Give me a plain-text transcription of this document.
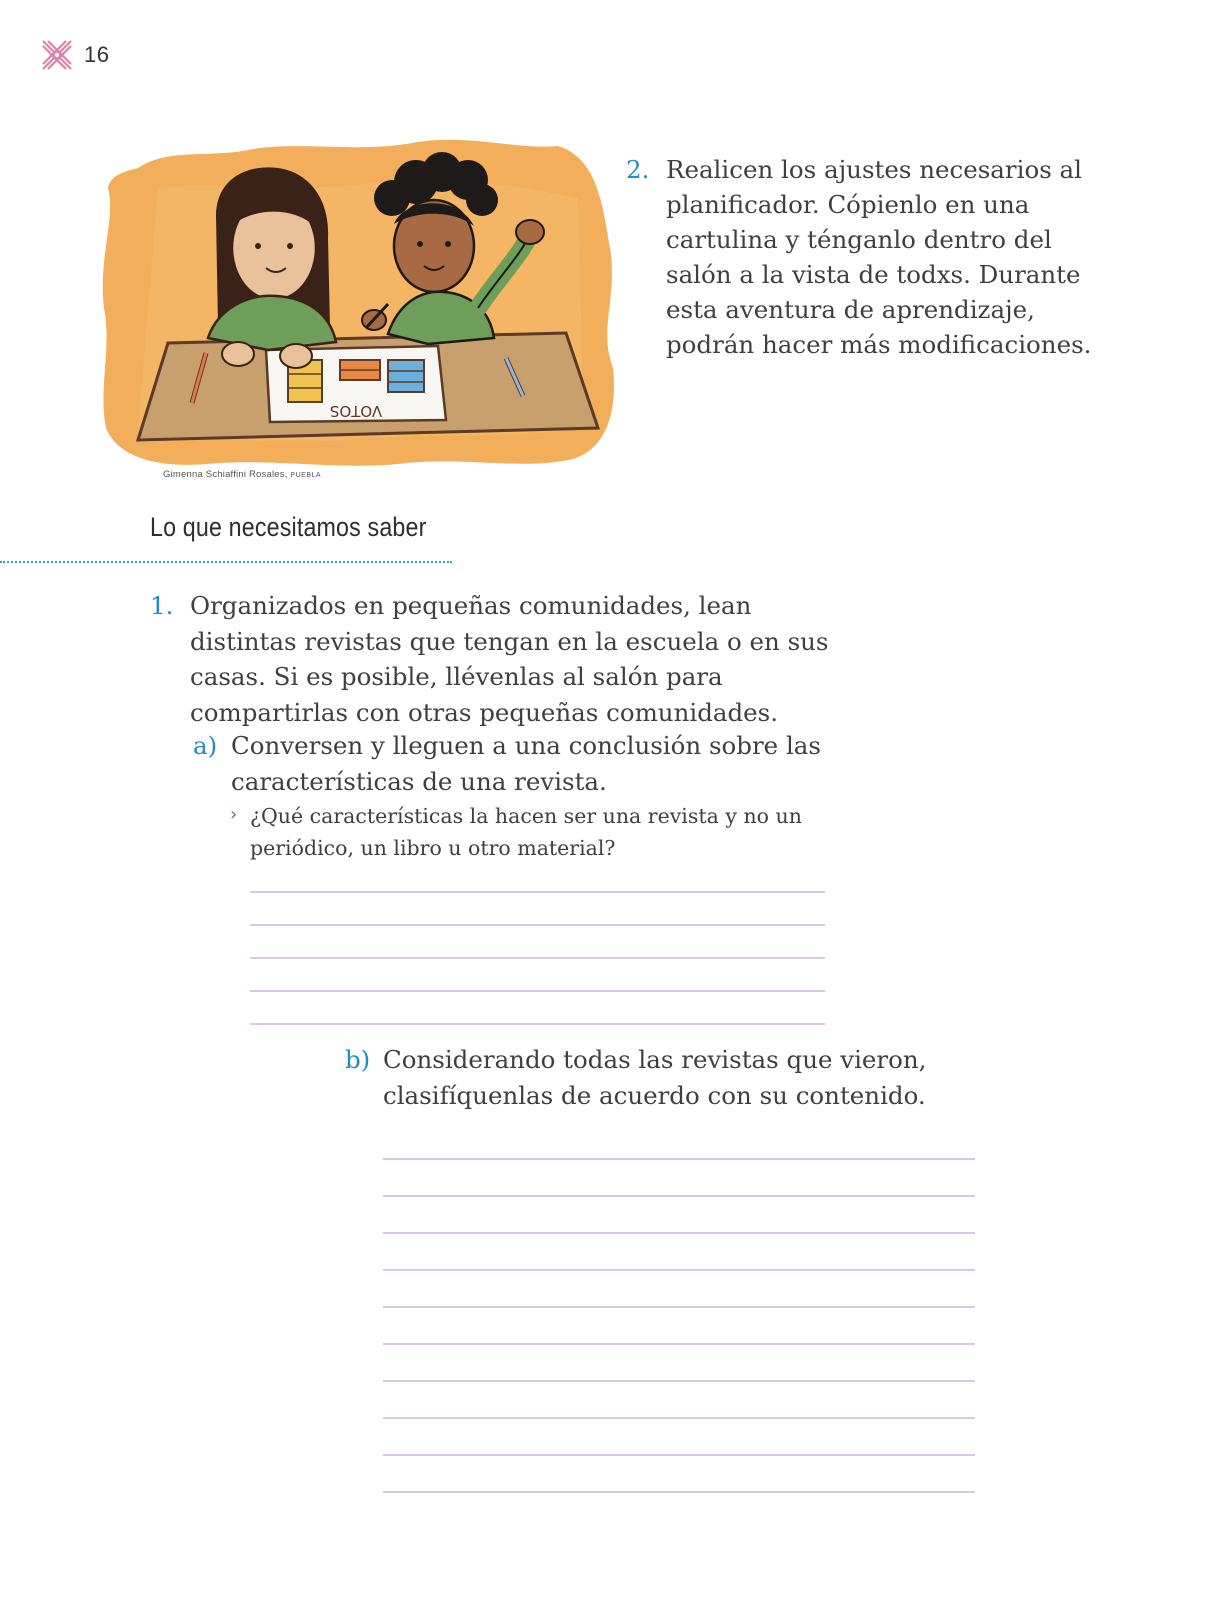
16
VOTOS
Gimenna Schiaffini Rosales, PUEBLA
2. Realicen los ajustes necesarios al planificador. Cópienlo en una cartulina y ténganlo dentro del salón a la vista de todxs. Durante esta aventura de aprendizaje, podrán hacer más modificaciones.
Lo que necesitamos saber
1. Organizados en pequeñas comunidades, lean distintas revistas que tengan en la escuela o en sus casas. Si es posible, llévenlas al salón para compartirlas con otras pequeñas comunidades.
a) Conversen y lleguen a una conclusión sobre las características de una revista.
› ¿Qué características la hacen ser una revista y no un periódico, un libro u otro material?
b) Considerando todas las revistas que vieron, clasifíquenlas de acuerdo con su contenido.
